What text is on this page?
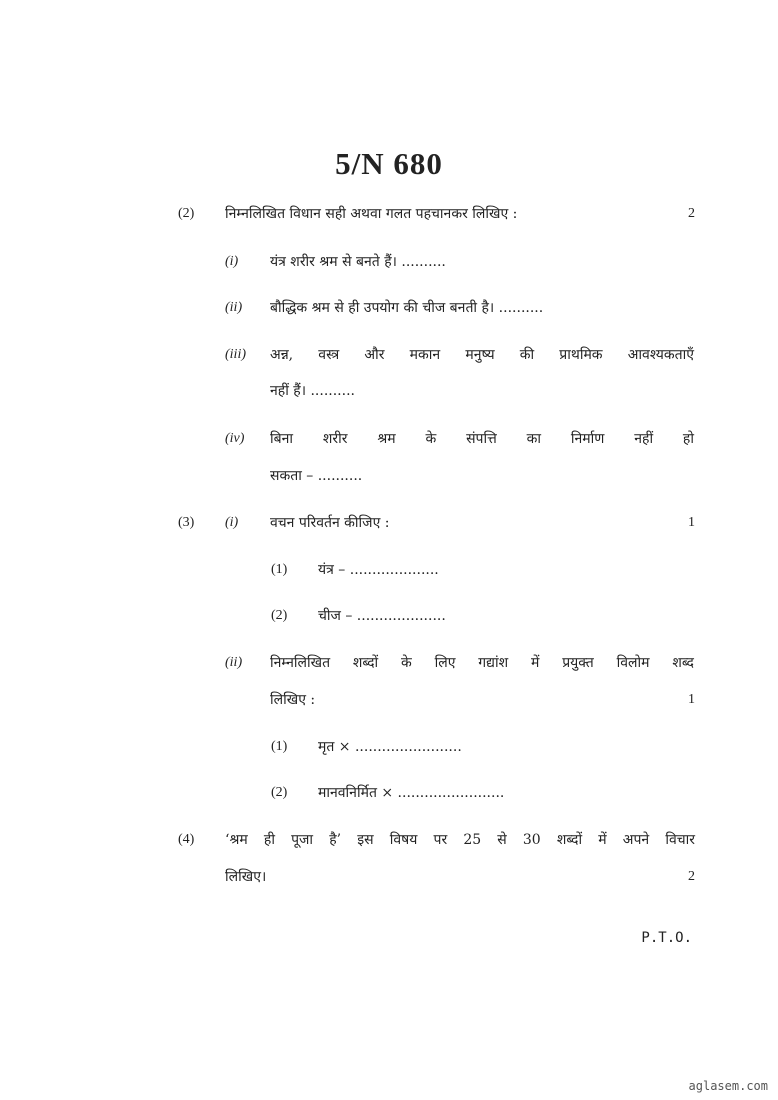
5/N 680
(2) निम्नलिखित विधान सही अथवा गलत पहचानकर लिखिए :	2
(i) यंत्र शरीर श्रम से बनते हैं। ..........
(ii) बौद्धिक श्रम से ही उपयोग की चीज बनती है। ..........
(iii) अन्न, वस्त्र और मकान मनुष्य की प्राथमिक आवश्यकताएँ
नहीं हैं। ..........
(iv) बिना शरीर श्रम के संपत्ति का निर्माण नहीं हो
सकता – ..........
(3) (i) वचन परिवर्तन कीजिए :	1
(1) यंत्र – ....................
(2) चीज – ....................
(ii) निम्नलिखित शब्दों के लिए गद्यांश में प्रयुक्त विलोम शब्द
लिखिए :	1
(1) मृत × ........................
(2) मानवनिर्मित × ........................
(4) ‘श्रम ही पूजा है’ इस विषय पर 25 से 30 शब्दों में अपने विचार
लिखिए।	2
P.T.O.
aglasem.com
